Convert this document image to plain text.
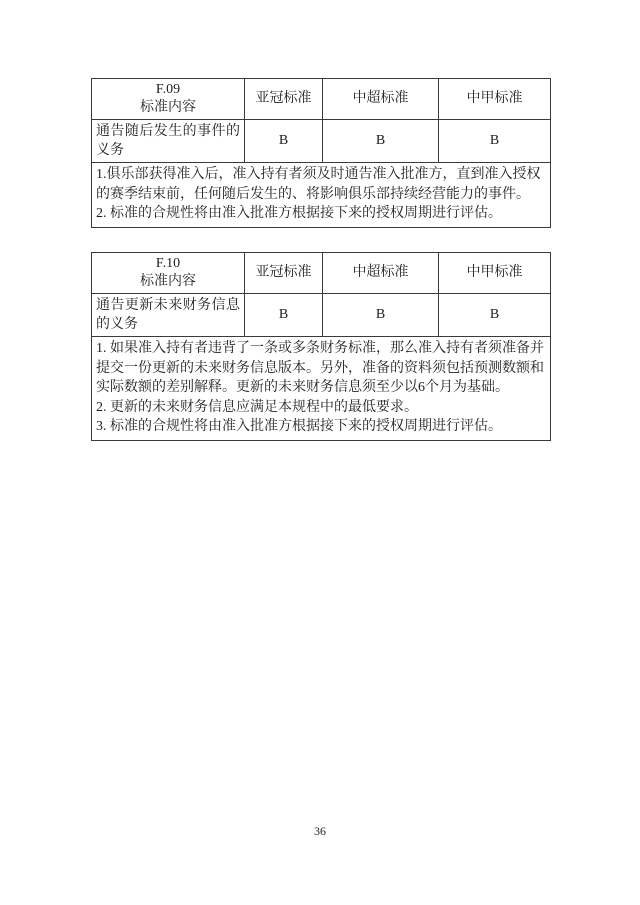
F.09
标准内容	亚冠标准	中超标准	中甲标准
通告随后发生的事件的义务	B	B	B

1.俱乐部获得准入后，准入持有者须及时通告准入批准方，直到准入授权的赛季结束前，任何随后发生的、将影响俱乐部持续经营能力的事件。
2. 标准的合规性将由准入批准方根据接下来的授权周期进行评估。			
F.10
标准内容	亚冠标准	中超标准	中甲标准
通告更新未来财务信息的义务	B	B	B

1. 如果准入持有者违背了一条或多条财务标准，那么准入持有者须准备并提交一份更新的未来财务信息版本。另外，准备的资料须包括预测数额和实际数额的差别解释。更新的未来财务信息须至少以6个月为基础。
2. 更新的未来财务信息应满足本规程中的最低要求。
3. 标准的合规性将由准入批准方根据接下来的授权周期进行评估。			
36
